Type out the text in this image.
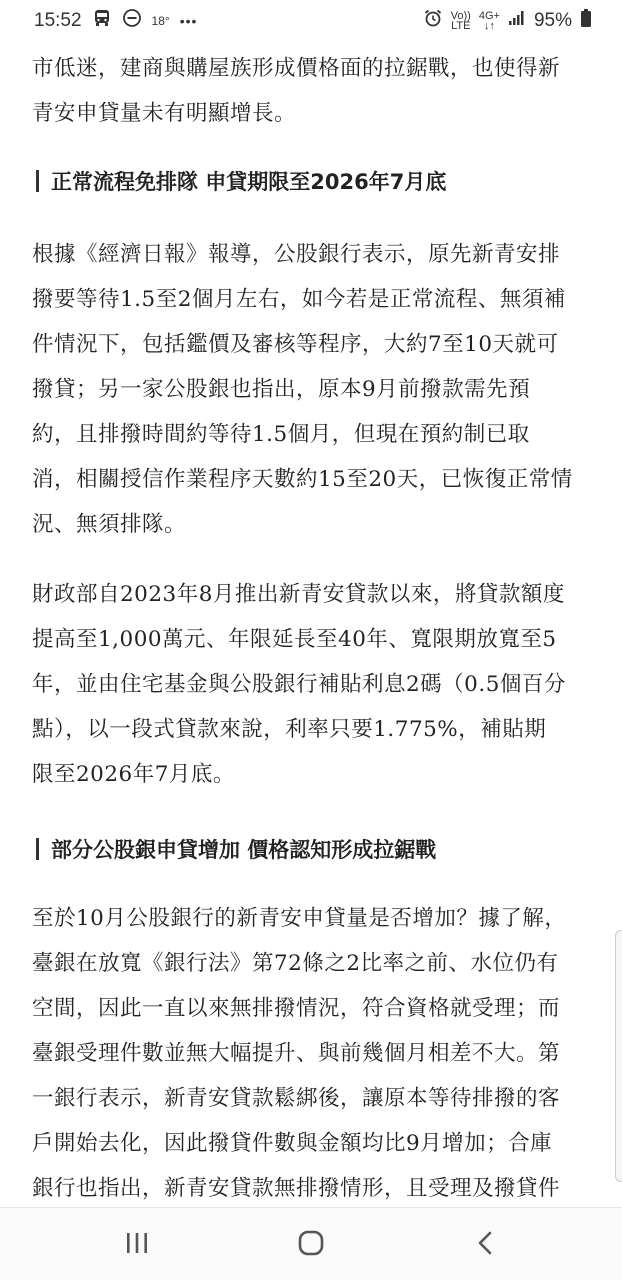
15:52	18° •••	Vo))
LTE
4G+
↓↑ 95%
市低迷，建商與購屋族形成價格面的拉鋸戰，也使得新
青安申貸量未有明顯增長。
正常流程免排隊 申貸期限至2026年7月底
根據《經濟日報》報導，公股銀行表示，原先新青安排
撥要等待1.5至2個月左右，如今若是正常流程、無須補
件情況下，包括鑑價及審核等程序，大約7至10天就可
撥貸；另一家公股銀也指出，原本9月前撥款需先預
約，且排撥時間約等待1.5個月，但現在預約制已取
消，相關授信作業程序天數約15至20天，已恢復正常情
況、無須排隊。
財政部自2023年8月推出新青安貸款以來，將貸款額度
提高至1,000萬元、年限延長至40年、寬限期放寬至5
年，並由住宅基金與公股銀行補貼利息2碼（0.5個百分
點），以一段式貸款來說，利率只要1.775%，補貼期
限至2026年7月底。
部分公股銀申貸增加 價格認知形成拉鋸戰
至於10月公股銀行的新青安申貸量是否增加？據了解，
臺銀在放寬《銀行法》第72條之2比率之前、水位仍有
空間，因此一直以來無排撥情況，符合資格就受理；而
臺銀受理件數並無大幅提升、與前幾個月相差不大。第
一銀行表示，新青安貸款鬆綁後，讓原本等待排撥的客
戶開始去化，因此撥貸件數與金額均比9月增加；合庫
銀行也指出，新青安貸款無排撥情形，且受理及撥貸件
